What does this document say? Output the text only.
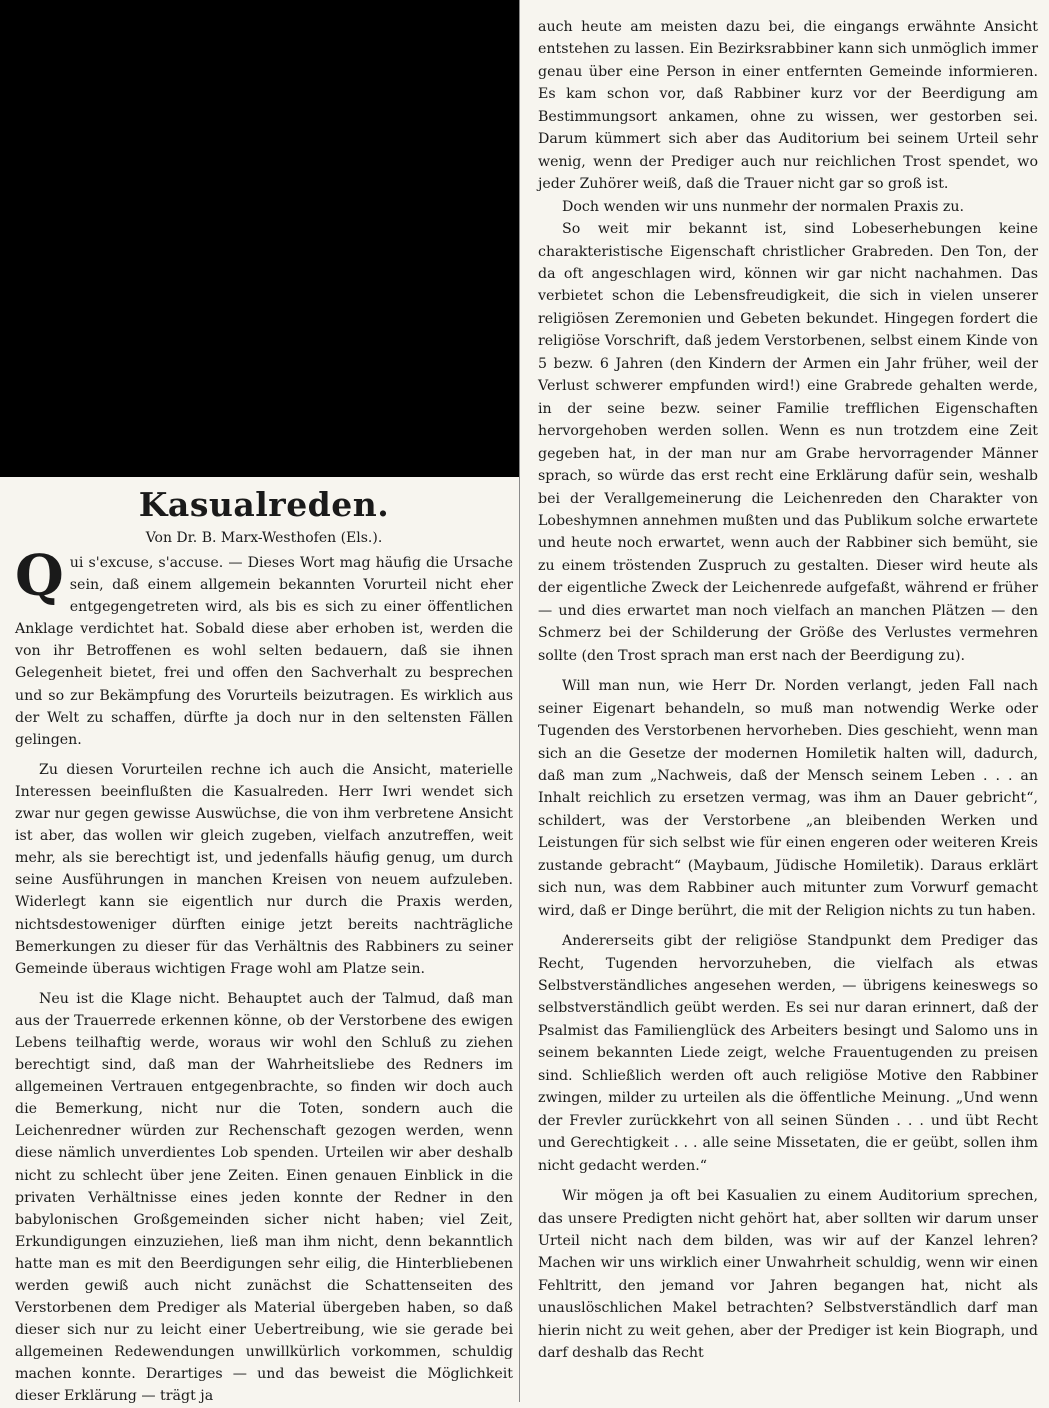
Kasualreden.
Von Dr. B. Marx-Westhofen (Els.).

Qui s'excuse, s'accuse. — Dieses Wort mag häufig die Ursache sein, daß einem allgemein bekannten Vorurteil nicht eher entgegengetreten wird, als bis es sich zu einer öffentlichen Anklage verdichtet hat. Sobald diese aber erhoben ist, werden die von ihr Betroffenen es wohl selten bedauern, daß sie ihnen Gelegenheit bietet, frei und offen den Sachverhalt zu besprechen und so zur Bekämpfung des Vorurteils beizutragen. Es wirklich aus der Welt zu schaffen, dürfte ja doch nur in den seltensten Fällen gelingen.

Zu diesen Vorurteilen rechne ich auch die Ansicht, materielle Interessen beeinflußten die Kasualreden. Herr Iwri wendet sich zwar nur gegen gewisse Auswüchse, die von ihm verbretene Ansicht ist aber, das wollen wir gleich zugeben, vielfach anzutreffen, weit mehr, als sie berechtigt ist, und jedenfalls häufig genug, um durch seine Ausführungen in manchen Kreisen von neuem aufzuleben. Widerlegt kann sie eigentlich nur durch die Praxis werden, nichtsdestoweniger dürften einige jetzt bereits nachträgliche Bemerkungen zu dieser für das Verhältnis des Rabbiners zu seiner Gemeinde überaus wichtigen Frage wohl am Platze sein.

Neu ist die Klage nicht. Behauptet auch der Talmud, daß man aus der Trauerrede erkennen könne, ob der Verstorbene des ewigen Lebens teilhaftig werde, woraus wir wohl den Schluß zu ziehen berechtigt sind, daß man der Wahrheitsliebe des Redners im allgemeinen Vertrauen entgegenbrachte, so finden wir doch auch die Bemerkung, nicht nur die Toten, sondern auch die Leichenredner würden zur Rechenschaft gezogen werden, wenn diese nämlich unverdientes Lob spenden. Urteilen wir aber deshalb nicht zu schlecht über jene Zeiten. Einen genauen Einblick in die privaten Verhältnisse eines jeden konnte der Redner in den babylonischen Großgemeinden sicher nicht haben; viel Zeit, Erkundigungen einzuziehen, ließ man ihm nicht, denn bekanntlich hatte man es mit den Beerdigungen sehr eilig, die Hinterbliebenen werden gewiß auch nicht zunächst die Schattenseiten des Verstorbenen dem Prediger als Material übergeben haben, so daß dieser sich nur zu leicht einer Uebertreibung, wie sie gerade bei allgemeinen Redewendungen unwillkürlich vorkommen, schuldig machen konnte. Derartiges — und das beweist die Möglichkeit dieser Erklärung — trägt ja

auch heute am meisten dazu bei, die eingangs erwähnte Ansicht entstehen zu lassen. Ein Bezirksrabbiner kann sich unmöglich immer genau über eine Person in einer entfernten Gemeinde informieren. Es kam schon vor, daß Rabbiner kurz vor der Beerdigung am Bestimmungsort ankamen, ohne zu wissen, wer gestorben sei. Darum kümmert sich aber das Auditorium bei seinem Urteil sehr wenig, wenn der Prediger auch nur reichlichen Trost spendet, wo jeder Zuhörer weiß, daß die Trauer nicht gar so groß ist.

Doch wenden wir uns nunmehr der normalen Praxis zu.

So weit mir bekannt ist, sind Lobeserhebungen keine charakteristische Eigenschaft christlicher Grabreden. Den Ton, der da oft angeschlagen wird, können wir gar nicht nachahmen. Das verbietet schon die Lebensfreudigkeit, die sich in vielen unserer religiösen Zeremonien und Gebeten bekundet. Hingegen fordert die religiöse Vorschrift, daß jedem Verstorbenen, selbst einem Kinde von 5 bezw. 6 Jahren (den Kindern der Armen ein Jahr früher, weil der Verlust schwerer empfunden wird!) eine Grabrede gehalten werde, in der seine bezw. seiner Familie trefflichen Eigenschaften hervorgehoben werden sollen. Wenn es nun trotzdem eine Zeit gegeben hat, in der man nur am Grabe hervorragender Männer sprach, so würde das erst recht eine Erklärung dafür sein, weshalb bei der Verallgemeinerung die Leichenreden den Charakter von Lobeshymnen annehmen mußten und das Publikum solche erwartete und heute noch erwartet, wenn auch der Rabbiner sich bemüht, sie zu einem tröstenden Zuspruch zu gestalten. Dieser wird heute als der eigentliche Zweck der Leichenrede aufgefaßt, während er früher — und dies erwartet man noch vielfach an manchen Plätzen — den Schmerz bei der Schilderung der Größe des Verlustes vermehren sollte (den Trost sprach man erst nach der Beerdigung zu).

Will man nun, wie Herr Dr. Norden verlangt, jeden Fall nach seiner Eigenart behandeln, so muß man notwendig Werke oder Tugenden des Verstorbenen hervorheben. Dies geschieht, wenn man sich an die Gesetze der modernen Homiletik halten will, dadurch, daß man zum „Nachweis, daß der Mensch seinem Leben . . . an Inhalt reichlich zu ersetzen vermag, was ihm an Dauer gebricht“, schildert, was der Verstorbene „an bleibenden Werken und Leistungen für sich selbst wie für einen engeren oder weiteren Kreis zustande gebracht“ (Maybaum, Jüdische Homiletik). Daraus erklärt sich nun, was dem Rabbiner auch mitunter zum Vorwurf gemacht wird, daß er Dinge berührt, die mit der Religion nichts zu tun haben.

Andererseits gibt der religiöse Standpunkt dem Prediger das Recht, Tugenden hervorzuheben, die vielfach als etwas Selbstverständliches angesehen werden, — übrigens keineswegs so selbstverständlich geübt werden. Es sei nur daran erinnert, daß der Psalmist das Familienglück des Arbeiters besingt und Salomo uns in seinem bekannten Liede zeigt, welche Frauentugenden zu preisen sind. Schließlich werden oft auch religiöse Motive den Rabbiner zwingen, milder zu urteilen als die öffentliche Meinung. „Und wenn der Frevler zurückkehrt von all seinen Sünden . . . und übt Recht und Gerechtigkeit . . . alle seine Missetaten, die er geübt, sollen ihm nicht gedacht werden.“

Wir mögen ja oft bei Kasualien zu einem Auditorium sprechen, das unsere Predigten nicht gehört hat, aber sollten wir darum unser Urteil nicht nach dem bilden, was wir auf der Kanzel lehren? Machen wir uns wirklich einer Unwahrheit schuldig, wenn wir einen Fehltritt, den jemand vor Jahren begangen hat, nicht als unauslöschlichen Makel betrachten? Selbstverständlich darf man hierin nicht zu weit gehen, aber der Prediger ist kein Biograph, und darf deshalb das Recht
